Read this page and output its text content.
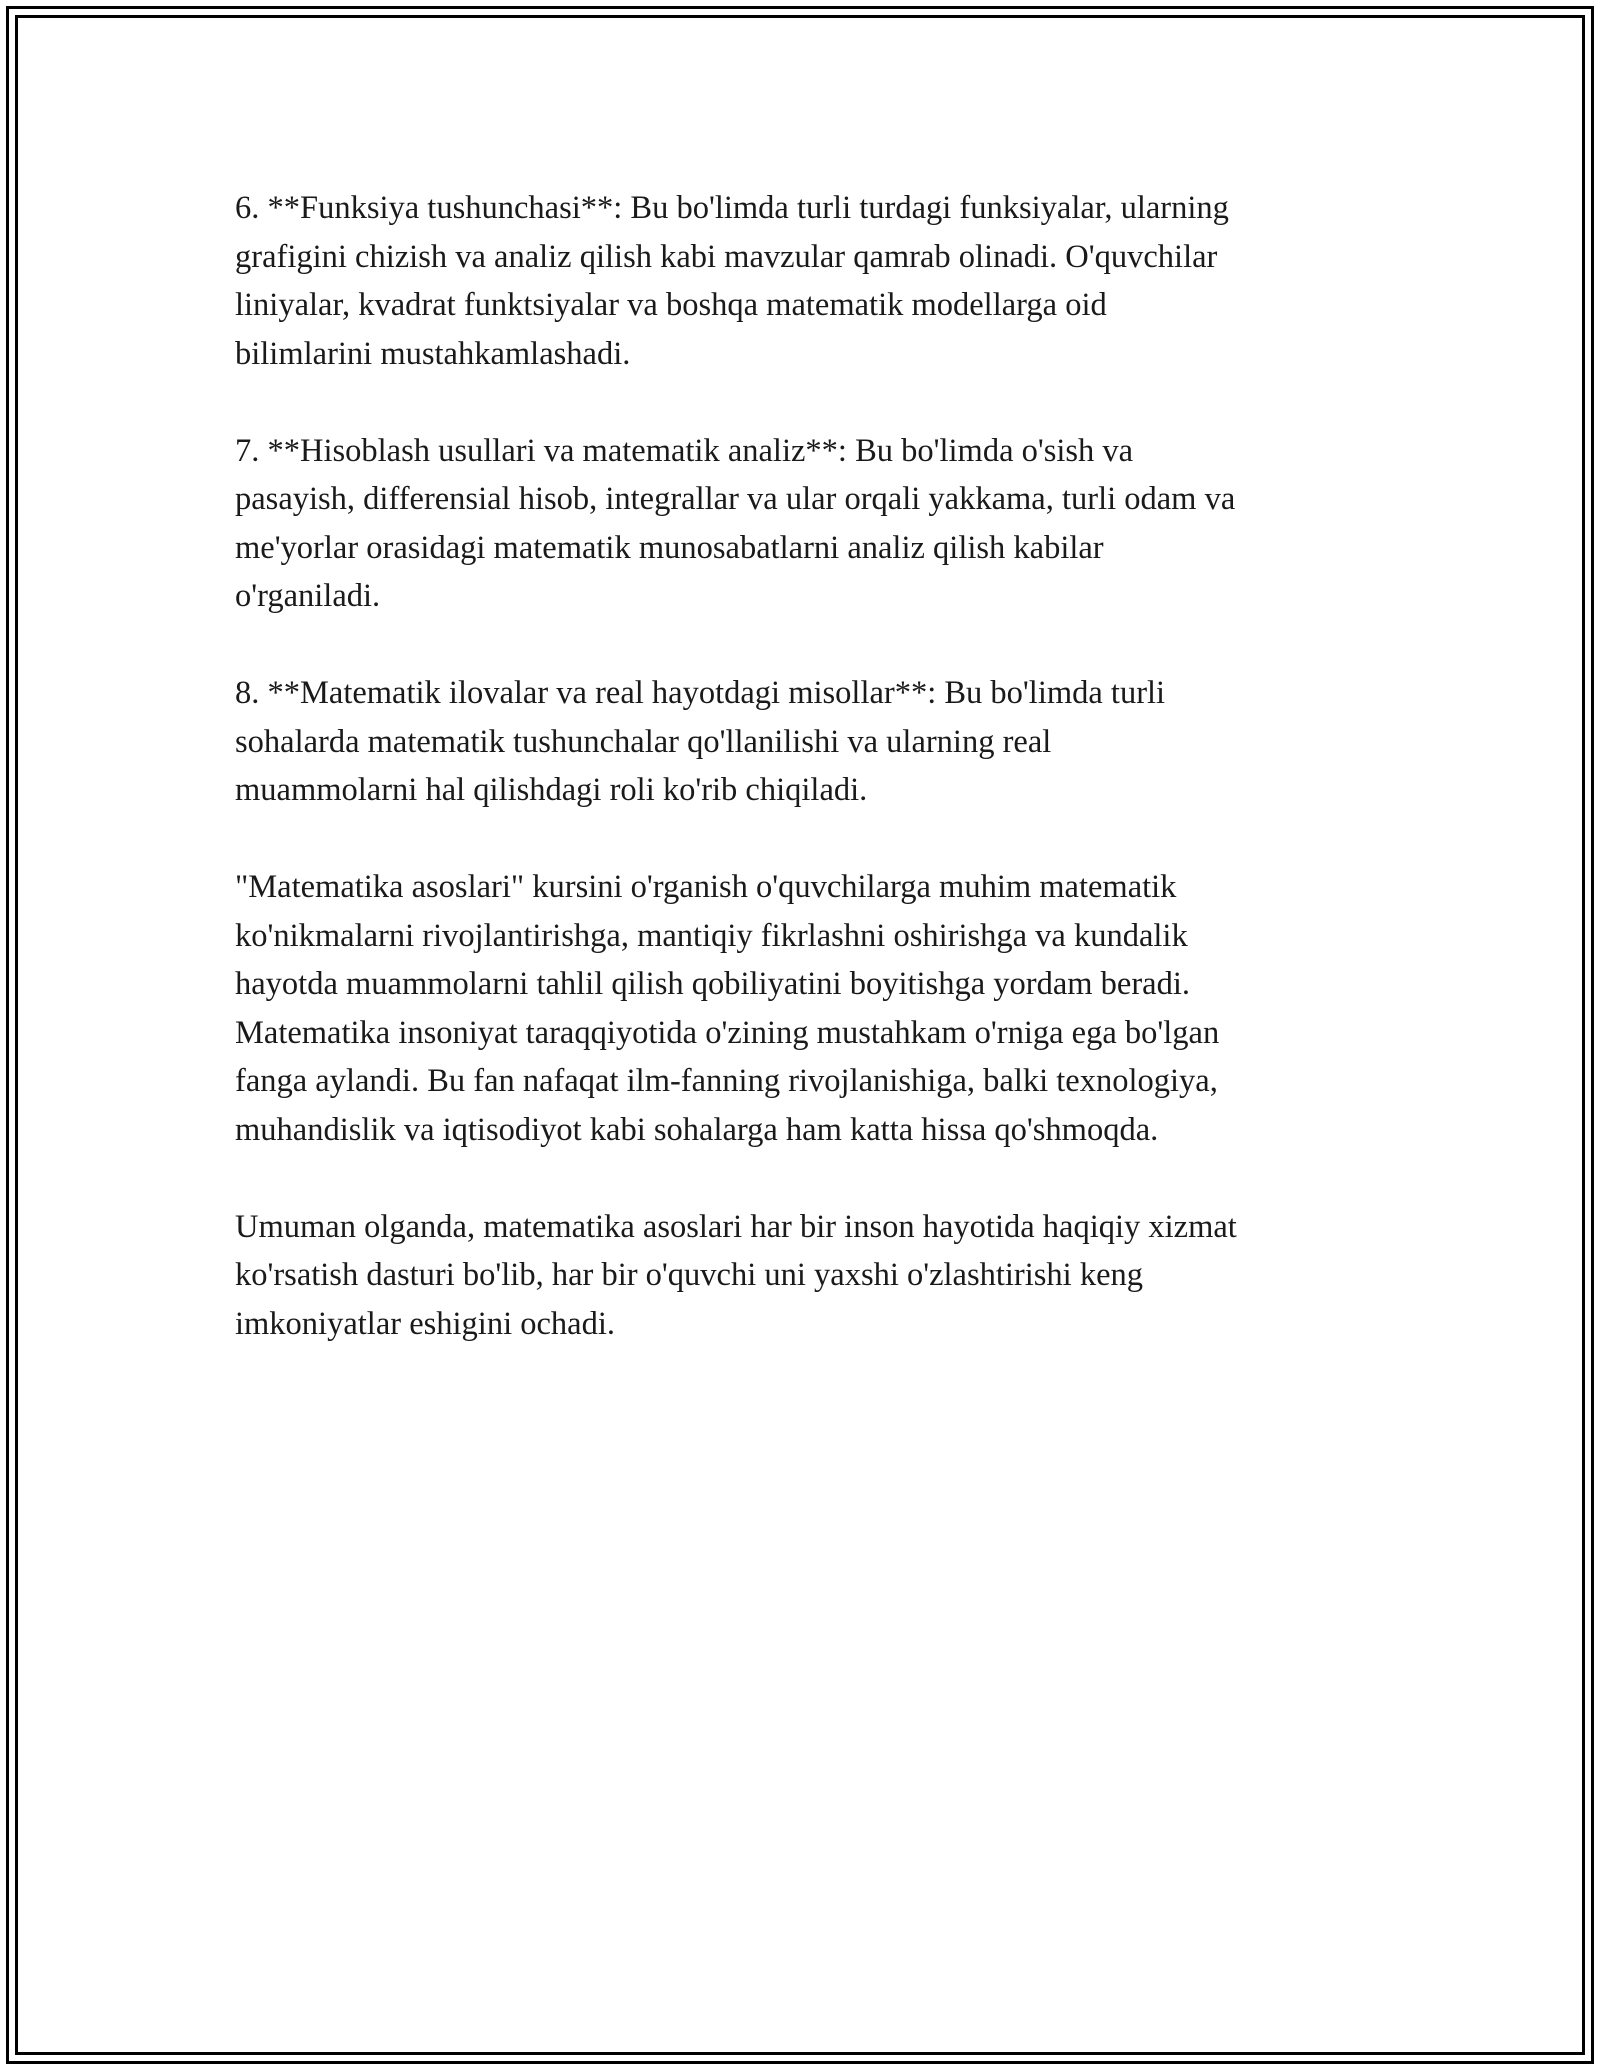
6. **Funksiya tushunchasi**: Bu bo'limda turli turdagi funksiyalar, ularning
grafigini chizish va analiz qilish kabi mavzular qamrab olinadi. O'quvchilar
liniyalar, kvadrat funktsiyalar va boshqa matematik modellarga oid
bilimlarini mustahkamlashadi.

7. **Hisoblash usullari va matematik analiz**: Bu bo'limda o'sish va
pasayish, differensial hisob, integrallar va ular orqali yakkama, turli odam va
me'yorlar orasidagi matematik munosabatlarni analiz qilish kabilar
o'rganiladi.

8. **Matematik ilovalar va real hayotdagi misollar**: Bu bo'limda turli
sohalarda matematik tushunchalar qo'llanilishi va ularning real
muammolarni hal qilishdagi roli ko'rib chiqiladi.

"Matematika asoslari" kursini o'rganish o'quvchilarga muhim matematik
ko'nikmalarni rivojlantirishga, mantiqiy fikrlashni oshirishga va kundalik
hayotda muammolarni tahlil qilish qobiliyatini boyitishga yordam beradi.
Matematika insoniyat taraqqiyotida o'zining mustahkam o'rniga ega bo'lgan
fanga aylandi. Bu fan nafaqat ilm-fanning rivojlanishiga, balki texnologiya,
muhandislik va iqtisodiyot kabi sohalarga ham katta hissa qo'shmoqda.

Umuman olganda, matematika asoslari har bir inson hayotida haqiqiy xizmat
ko'rsatish dasturi bo'lib, har bir o'quvchi uni yaxshi o'zlashtirishi keng
imkoniyatlar eshigini ochadi.
